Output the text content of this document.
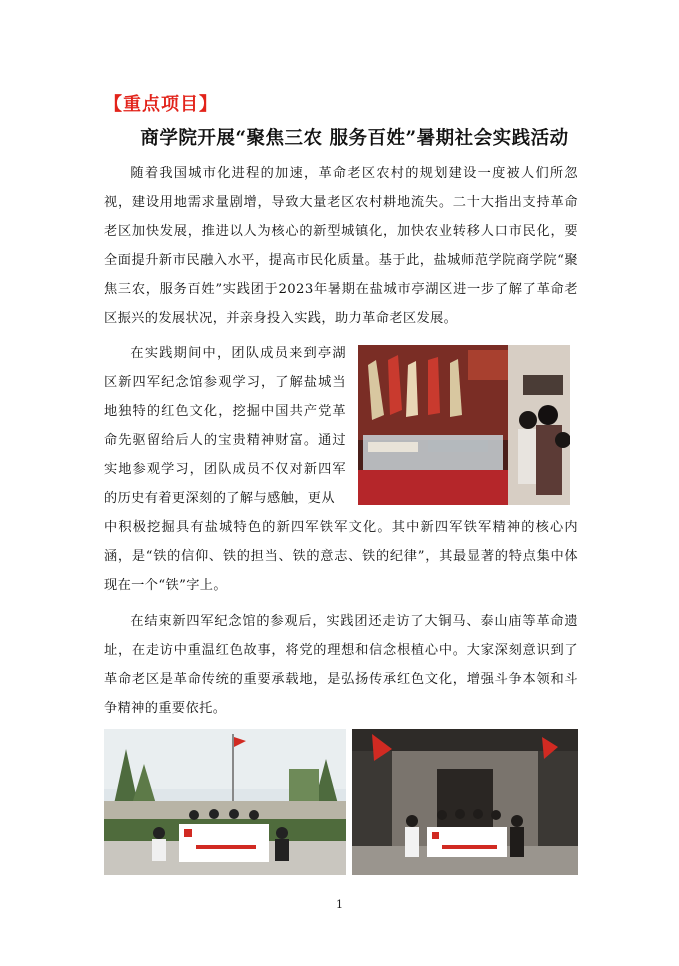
【重点项目】
商学院开展“聚焦三农 服务百姓”暑期社会实践活动
随着我国城市化进程的加速，革命老区农村的规划建设一度被人们所忽视，建设用地需求量剧增，导致大量老区农村耕地流失。二十大指出支持革命老区加快发展，推进以人为核心的新型城镇化，加快农业转移人口市民化，要全面提升新市民融入水平，提高市民化质量。基于此，盐城师范学院商学院“聚焦三农，服务百姓”实践团于2023年暑期在盐城市亭湖区进一步了解了革命老区振兴的发展状况，并亲身投入实践，助力革命老区发展。
在实践期间中，团队成员来到亭湖区新四军纪念馆参观学习，了解盐城当地独特的红色文化，挖掘中国共产党革命先驱留给后人的宝贵精神财富。通过实地参观学习，团队成员不仅对新四军的历史有着更深刻的了解与感触，更从
中积极挖掘具有盐城特色的新四军铁军文化。其中新四军铁军精神的核心内涵，是“铁的信仰、铁的担当、铁的意志、铁的纪律”，其最显著的特点集中体现在一个“铁”字上。
在结束新四军纪念馆的参观后，实践团还走访了大铜马、泰山庙等革命遗址，在走访中重温红色故事，将党的理想和信念根植心中。大家深刻意识到了革命老区是革命传统的重要承载地，是弘扬传承红色文化，增强斗争本领和斗争精神的重要依托。
1
